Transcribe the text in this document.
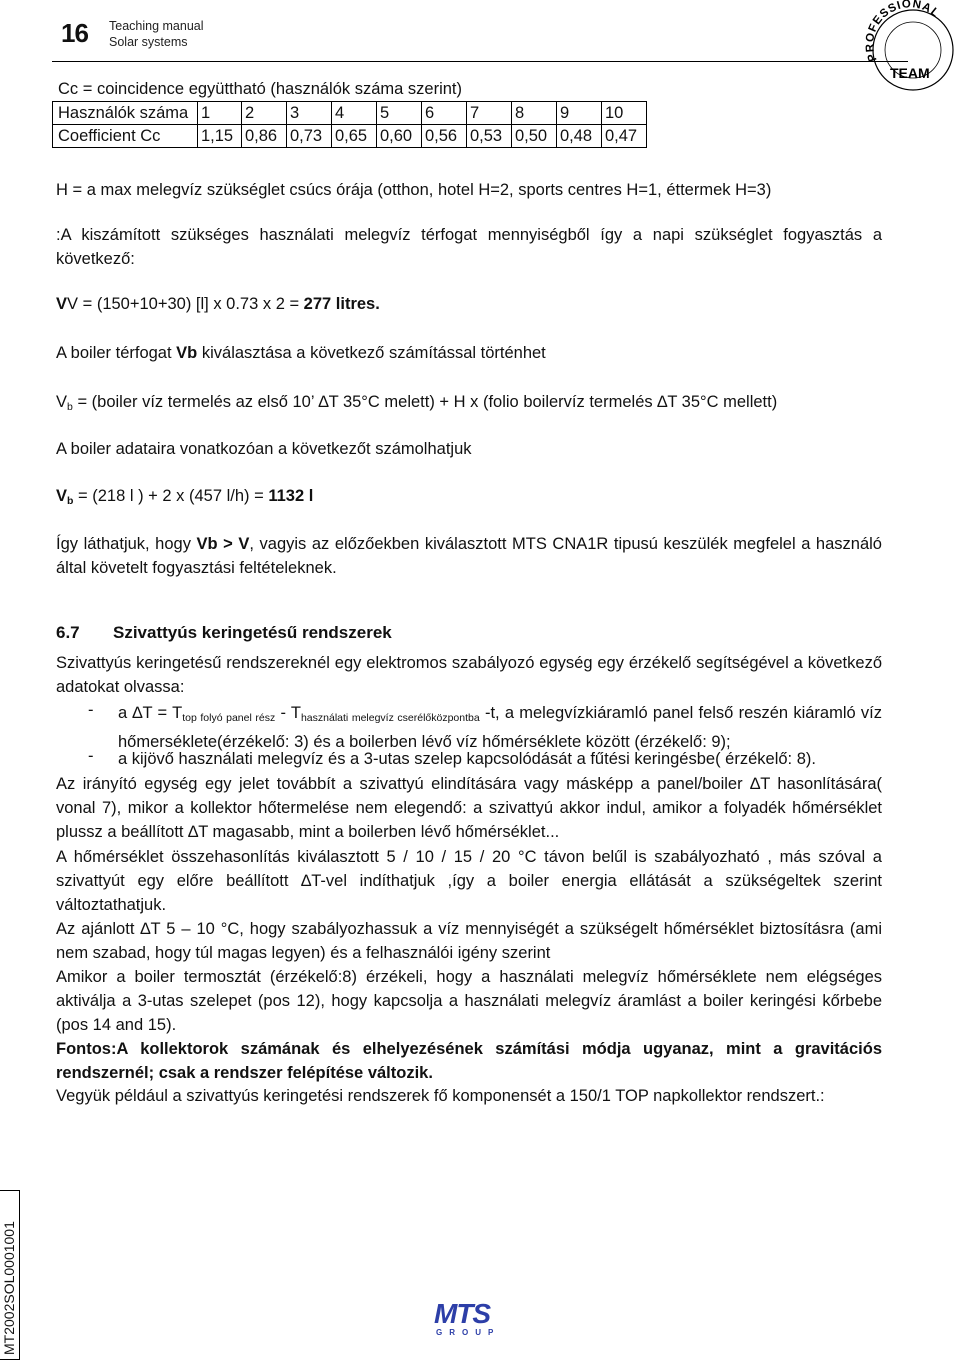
16 Teaching manual
Solar systems
PROFESSIONAL
TEAM
Cc = coincidence együttható (használók száma szerint)
Használók száma	1	2	3	4	5	6	7	8	9	10
Coefficient Cc	1,15	0,86	0,73	0,65	0,60	0,56	0,53	0,50	0,48	0,47
H = a max melegvíz szükséglet csúcs órája (otthon, hotel H=2, sports centres H=1, éttermek H=3)
:A kiszámított szükséges használati melegvíz térfogat mennyiségből így a napi szükséglet fogyasztás a következő:
VV = (150+10+30) [l] x 0.73 x 2 = 277 litres.
A boiler térfogat Vb kiválasztása a következő számítással történhet
$V_b$ = (boiler víz termelés az első 10’ ∆T 35°C melett) + H x (folio boilervíz termelés ∆T 35°C mellett)
A boiler adataira vonatkozóan a következőt számolhatjuk
Vb = (218 l ) + 2 x (457 l/h) = 1132 l
Így láthatjuk, hogy Vb > V, vagyis az előzőekben kiválasztott MTS CNA1R tipusú keszülék megfelel a használó által követelt fogyasztási feltételeknek.
6.7 Szivattyús keringetésű rendszerek
Szivattyús keringetésű rendszereknél egy elektromos szabályozó egység egy érzékelő segítségével a következő adatokat olvassa:
- a $\Delta T = T_{top folyó panel rész} - T_{használati melegvíz cserélőközpontba}$ -t, a melegvízkiáramló panel felső reszén kiáramló víz hőmerséklete(érzékelő: 3) és a boilerben lévő víz hőmérséklete között (érzékelő: 9);
- a kijövő használati melegvíz és a 3-utas szelep kapcsolódását a fűtési keringésbe( érzékelő: 8).
Az irányító egység egy jelet továbbít a szivattyú elindítására vagy másképp a panel/boiler ∆T hasonlítására( vonal 7), mikor a kollektor hőtermelése nem elegendő: a szivattyú akkor indul, amikor a folyadék hőmérséklet plussz a beállított ∆T magasabb, mint a boilerben lévő hőmérséklet...
A hőmérséklet összehasonlítás kiválasztott 5 / 10 / 15 / 20 °C távon belűl is szabályozható , más szóval a szivattyút egy előre beállított ∆T-vel indíthatjuk ,így a boiler energia ellátását a szükségeltek szerint változtathatjuk.
Az ajánlott ∆T 5 – 10 °C, hogy szabályozhassuk a víz mennyiségét a szükségelt hőmérséklet biztosításra (ami nem szabad, hogy túl magas legyen) és a felhasználói igény szerint
Amikor a boiler termosztát (érzékelő:8) érzékeli, hogy a használati melegvíz hőmérséklete nem elégséges aktiválja a 3-utas szelepet (pos 12), hogy kapcsolja a használati melegvíz áramlást a boiler keringési kőrbebe (pos 14 and 15).
Fontos:A kollektorok számának és elhelyezésének számítási módja ugyanaz, mint a gravitációs rendszernél; csak a rendszer felépítése változik.
Vegyük például a szivattyús keringetési rendszerek fő komponensét a 150/1 TOP napkollektor rendszert.:
MT2002SOL0001001	MTS
GROUP
